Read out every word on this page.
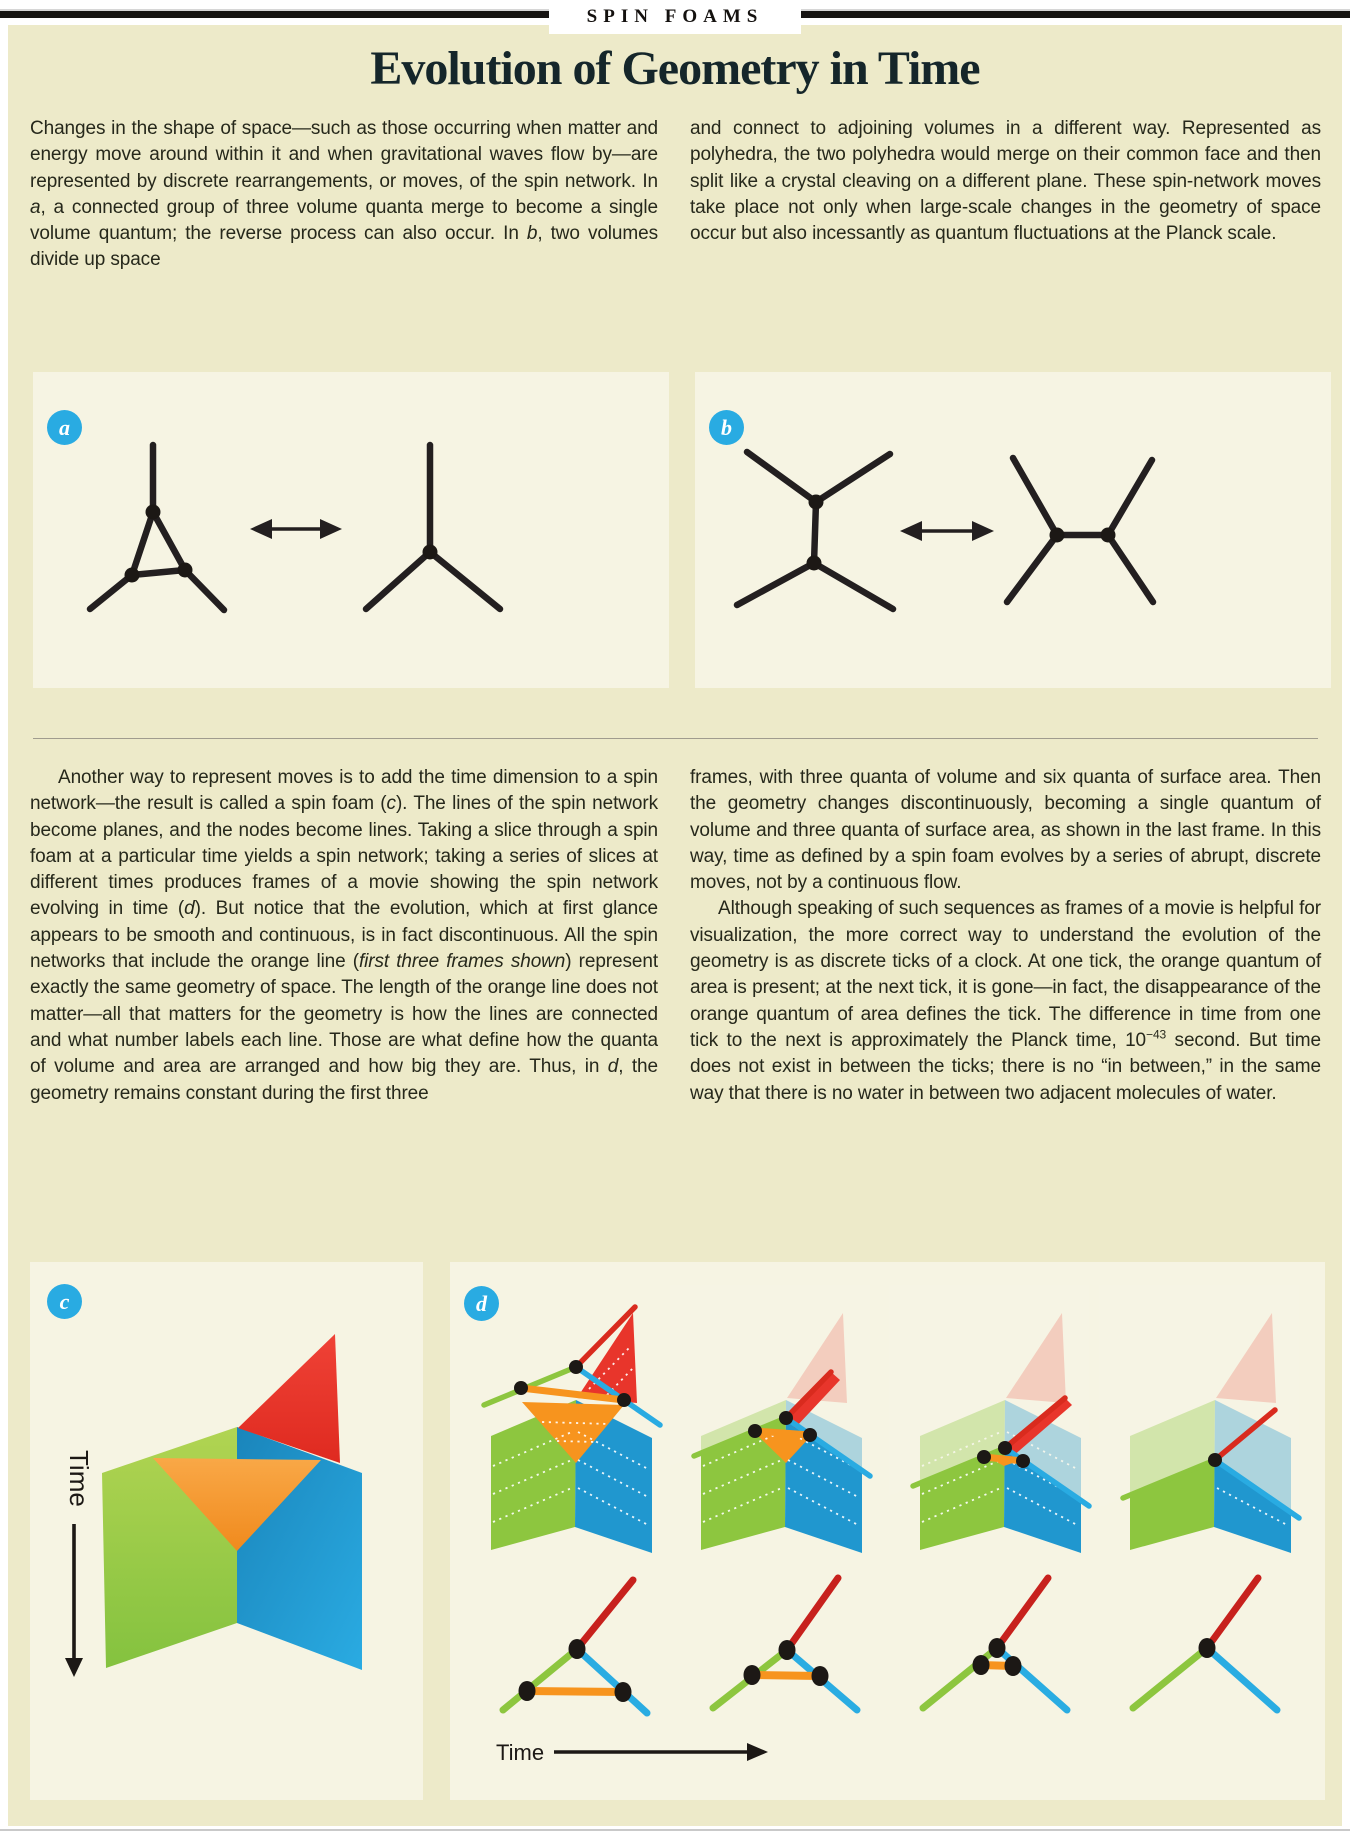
SPIN FOAMS
Evolution of Geometry in Time

Changes in the shape of space—such as those occurring when matter and energy move around within it and when gravitational waves flow by—are represented by discrete rearrangements, or moves, of the spin network. In a, a connected group of three volume quanta merge to become a single volume quantum; the reverse process can also occur. In b, two volumes divide up space

and connect to adjoining volumes in a different way. Represented as polyhedra, the two polyhedra would merge on their common face and then split like a crystal cleaving on a different plane. These spin-network moves take place not only when large-scale changes in the geometry of space occur but also incessantly as quantum fluctuations at the Planck scale.

a	b

Another way to represent moves is to add the time dimension to a spin network—the result is called a spin foam (c). The lines of the spin network become planes, and the nodes become lines. Taking a slice through a spin foam at a particular time yields a spin network; taking a series of slices at different times produces frames of a movie showing the spin network evolving in time (d). But notice that the evolution, which at first glance appears to be smooth and continuous, is in fact discontinuous. All the spin networks that include the orange line (first three frames shown) represent exactly the same geometry of space. The length of the orange line does not matter—all that matters for the geometry is how the lines are connected and what number labels each line. Those are what define how the quanta of volume and area are arranged and how big they are. Thus, in d, the geometry remains constant during the first three

frames, with three quanta of volume and six quanta of surface area. Then the geometry changes discontinuously, becoming a single quantum of volume and three quanta of surface area, as shown in the last frame. In this way, time as defined by a spin foam evolves by a series of abrupt, discrete moves, not by a continuous flow.

Although speaking of such sequences as frames of a movie is helpful for visualization, the more correct way to understand the evolution of the geometry is as discrete ticks of a clock. At one tick, the orange quantum of area is present; at the next tick, it is gone—in fact, the disappearance of the orange quantum of area defines the tick. The difference in time from one tick to the next is approximately the Planck time, $10^{-43}$ second. But time does not exist in between the ticks; there is no “in between,” in the same way that there is no water in between two adjacent molecules of water.

c
Time
d
Time
